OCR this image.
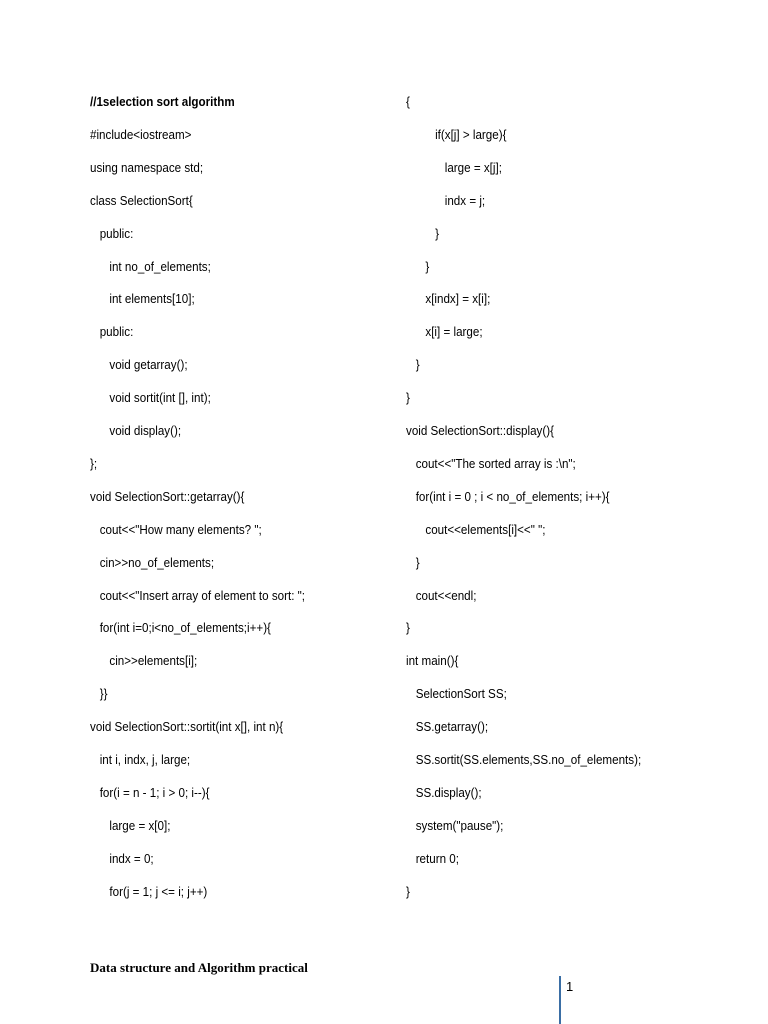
//1selection sort algorithm
#include<iostream>
using namespace std;
class SelectionSort{
public:
int no_of_elements;
int elements[10];
public:
void getarray();
void sortit(int [], int);
void display();
};
void SelectionSort::getarray(){
cout<<"How many elements? ";
cin>>no_of_elements;
cout<<"Insert array of element to sort: ";
for(int i=0;i<no_of_elements;i++){
cin>>elements[i];
}}
void SelectionSort::sortit(int x[], int n){
int i, indx, j, large;
for(i = n - 1; i > 0; i--){
large = x[0];
indx = 0;
for(j = 1; j <= i; j++)
{
if(x[j] > large){
large = x[j];
indx = j;
}
}
x[indx] = x[i];
x[i] = large;
}
}
void SelectionSort::display(){
cout<<"The sorted array is :\n";
for(int i = 0 ; i < no_of_elements; i++){
cout<<elements[i]<<" ";
}
cout<<endl;
}
int main(){
SelectionSort SS;
SS.getarray();
SS.sortit(SS.elements,SS.no_of_elements);
SS.display();
system("pause");
return 0;
}
Data structure and Algorithm practical
1
